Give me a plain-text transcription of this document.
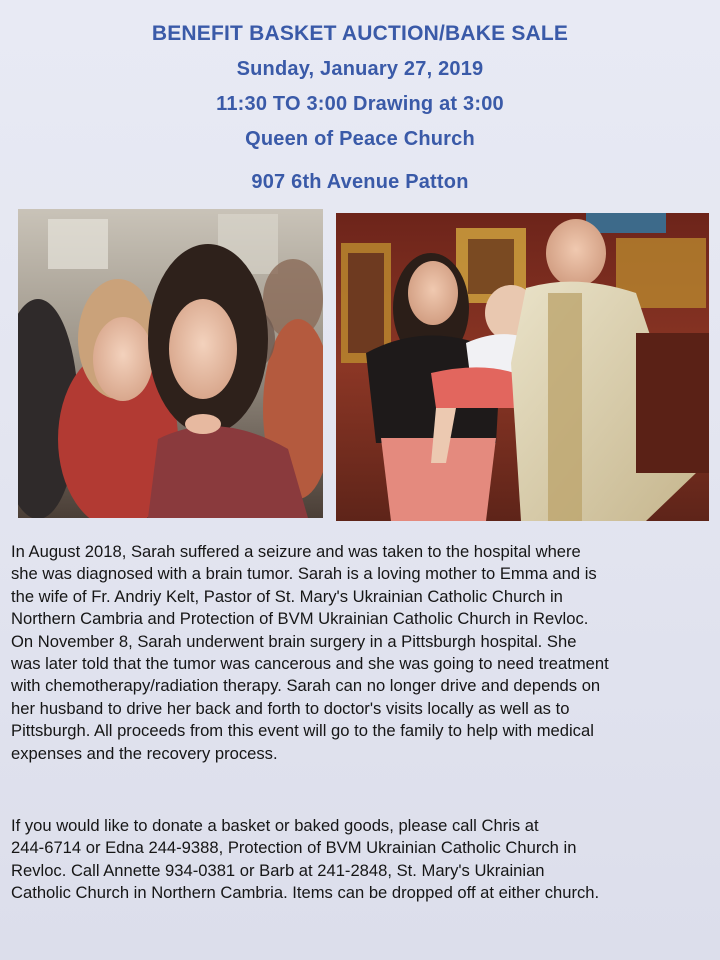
BENEFIT BASKET AUCTION/BAKE SALE
Sunday, January 27, 2019
11:30 TO 3:00 Drawing at 3:00
Queen of Peace Church
907 6th Avenue Patton

In August 2018, Sarah suffered a seizure and was taken to the hospital where
she was diagnosed with a brain tumor. Sarah is a loving mother to Emma and is
the wife of Fr. Andriy Kelt, Pastor of St. Mary's Ukrainian Catholic Church in
Northern Cambria and Protection of BVM Ukrainian Catholic Church in Revloc.
On November 8, Sarah underwent brain surgery in a Pittsburgh hospital. She
was later told that the tumor was cancerous and she was going to need treatment
with chemotherapy/radiation therapy. Sarah can no longer drive and depends on
her husband to drive her back and forth to doctor's visits locally as well as to
Pittsburgh. All proceeds from this event will go to the family to help with medical
expenses and the recovery process.

If you would like to donate a basket or baked goods, please call Chris at
244-6714 or Edna 244-9388, Protection of BVM Ukrainian Catholic Church in
Revloc. Call Annette 934-0381 or Barb at 241-2848, St. Mary's Ukrainian
Catholic Church in Northern Cambria. Items can be dropped off at either church.
